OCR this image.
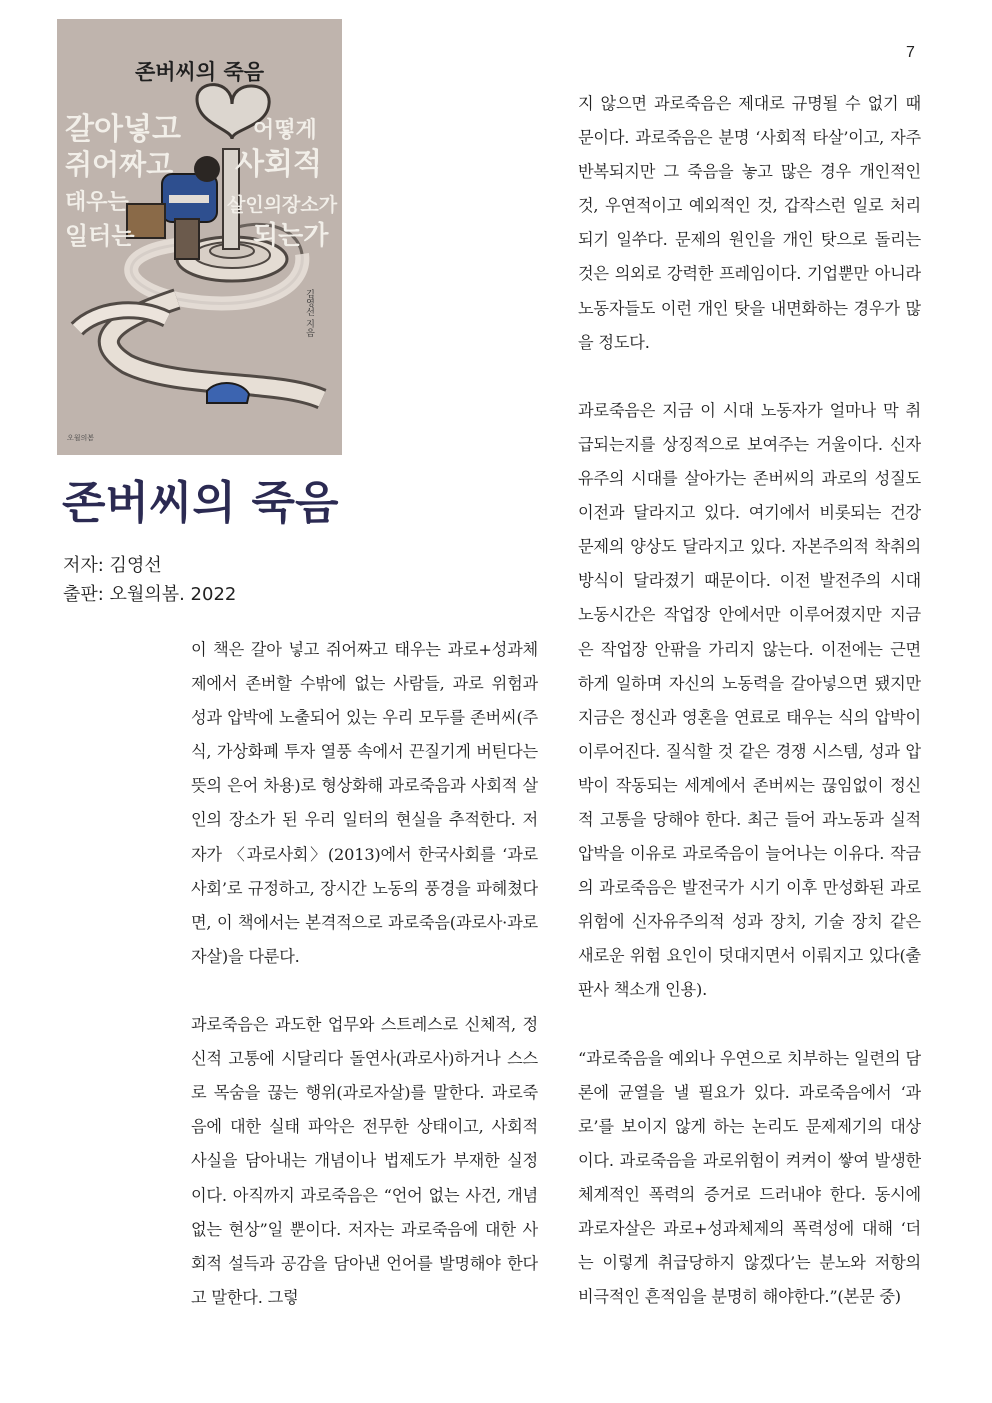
7
갈아넣고
쥐어짜고
태우는
일터는
어떻게
사회적
살인의장소가
되는가
존버씨의 죽음
김영선 지음
오월의봄
존버씨의 죽음
저자: 김영선
출판: 오월의봄. 2022

이 책은 갈아 넣고 쥐어짜고 태우는 과로+성과체제에서 존버할 수밖에 없는 사람들, 과로 위험과 성과 압박에 노출되어 있는 우리 모두를 존버씨(주식, 가상화폐 투자 열풍 속에서 끈질기게 버틴다는 뜻의 은어 차용)로 형상화해 과로죽음과 사회적 살인의 장소가 된 우리 일터의 현실을 추적한다. 저자가 〈과로사회〉(2013)에서 한국사회를 ‘과로사회’로 규정하고, 장시간 노동의 풍경을 파헤쳤다면, 이 책에서는 본격적으로 과로죽음(과로사·과로자살)을 다룬다.

과로죽음은 과도한 업무와 스트레스로 신체적, 정신적 고통에 시달리다 돌연사(과로사)하거나 스스로 목숨을 끊는 행위(과로자살)를 말한다. 과로죽음에 대한 실태 파악은 전무한 상태이고, 사회적 사실을 담아내는 개념이나 법제도가 부재한 실정이다. 아직까지 과로죽음은 “언어 없는 사건, 개념 없는 현상”일 뿐이다. 저자는 과로죽음에 대한 사회적 설득과 공감을 담아낸 언어를 발명해야 한다고 말한다. 그렇

지 않으면 과로죽음은 제대로 규명될 수 없기 때문이다. 과로죽음은 분명 ‘사회적 타살’이고, 자주 반복되지만 그 죽음을 놓고 많은 경우 개인적인 것, 우연적이고 예외적인 것, 갑작스런 일로 처리되기 일쑤다. 문제의 원인을 개인 탓으로 돌리는 것은 의외로 강력한 프레임이다. 기업뿐만 아니라 노동자들도 이런 개인 탓을 내면화하는 경우가 많을 정도다.

과로죽음은 지금 이 시대 노동자가 얼마나 막 취급되는지를 상징적으로 보여주는 거울이다. 신자유주의 시대를 살아가는 존버씨의 과로의 성질도 이전과 달라지고 있다. 여기에서 비롯되는 건강 문제의 양상도 달라지고 있다. 자본주의적 착취의 방식이 달라졌기 때문이다. 이전 발전주의 시대 노동시간은 작업장 안에서만 이루어졌지만 지금은 작업장 안팎을 가리지 않는다. 이전에는 근면하게 일하며 자신의 노동력을 갈아넣으면 됐지만 지금은 정신과 영혼을 연료로 태우는 식의 압박이 이루어진다. 질식할 것 같은 경쟁 시스템, 성과 압박이 작동되는 세계에서 존버씨는 끊임없이 정신적 고통을 당해야 한다. 최근 들어 과노동과 실적 압박을 이유로 과로죽음이 늘어나는 이유다. 작금의 과로죽음은 발전국가 시기 이후 만성화된 과로위험에 신자유주의적 성과 장치, 기술 장치 같은 새로운 위험 요인이 덧대지면서 이뤄지고 있다(출판사 책소개 인용).

“과로죽음을 예외나 우연으로 치부하는 일련의 담론에 균열을 낼 필요가 있다. 과로죽음에서 ‘과로’를 보이지 않게 하는 논리도 문제제기의 대상이다. 과로죽음을 과로위험이 켜켜이 쌓여 발생한 체계적인 폭력의 증거로 드러내야 한다. 동시에 과로자살은 과로+성과체제의 폭력성에 대해 ‘더는 이렇게 취급당하지 않겠다’는 분노와 저항의 비극적인 흔적임을 분명히 해야한다.”(본문 중)
